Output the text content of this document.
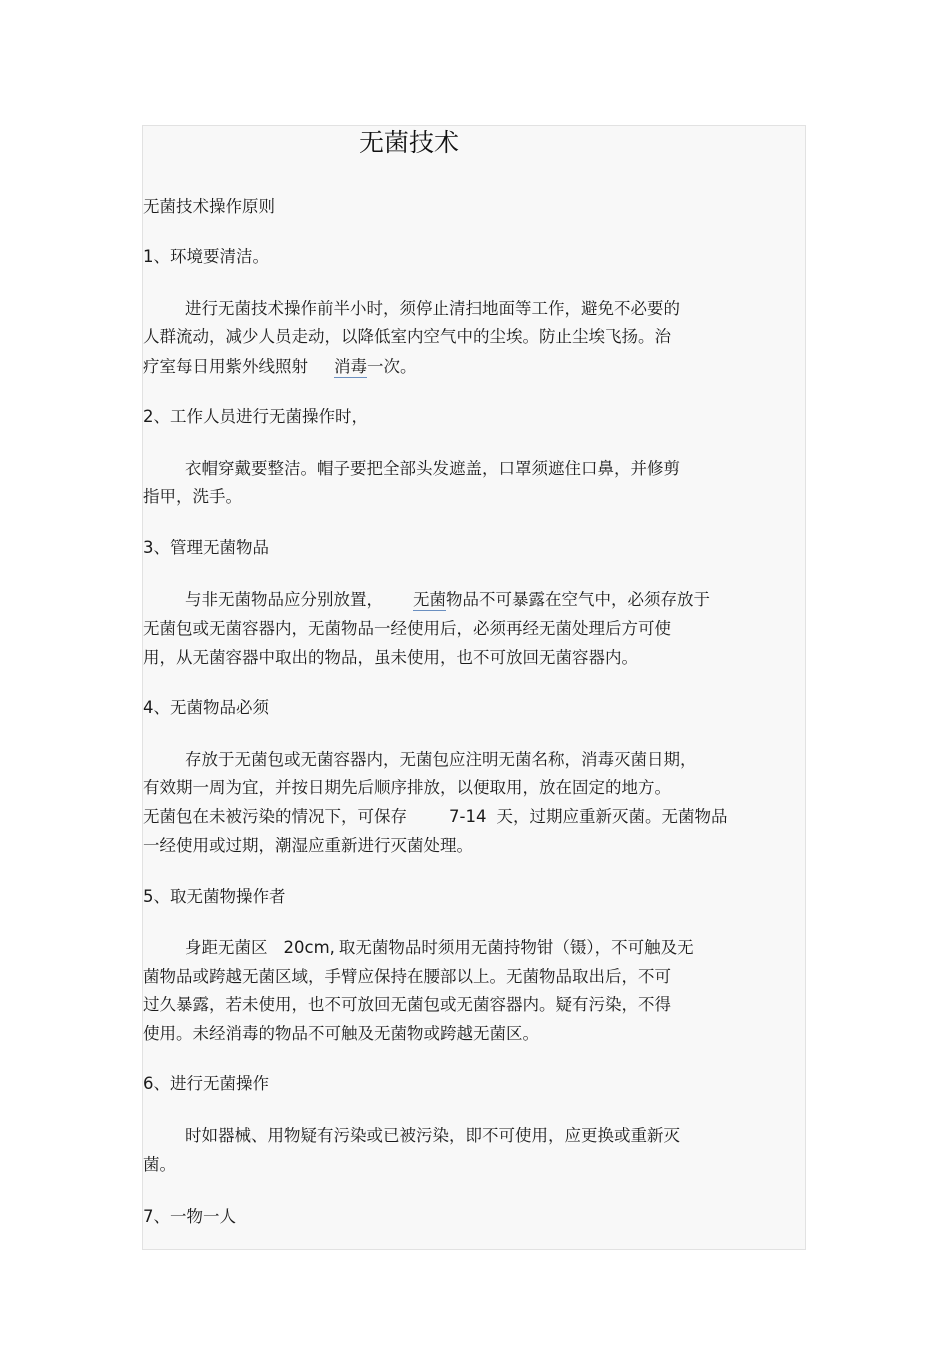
无菌技术
无菌技术操作原则
1、环境要清洁。
进行无菌技术操作前半小时，须停止清扫地面等工作，避免不必要的
人群流动，减少人员走动，以降低室内空气中的尘埃。防止尘埃飞扬。治
疗室每日用紫外线照射 消毒一次。
2、工作人员进行无菌操作时，
衣帽穿戴要整洁。帽子要把全部头发遮盖，口罩须遮住口鼻，并修剪
指甲，洗手。
3、管理无菌物品
与非无菌物品应分别放置， 无菌物品不可暴露在空气中，必须存放于
无菌包或无菌容器内，无菌物品一经使用后，必须再经无菌处理后方可使
用，从无菌容器中取出的物品，虽未使用，也不可放回无菌容器内。
4、无菌物品必须
存放于无菌包或无菌容器内，无菌包应注明无菌名称，消毒灭菌日期，
有效期一周为宜，并按日期先后顺序排放，以便取用，放在固定的地方。
无菌包在未被污染的情况下，可保存	7-14 天，过期应重新灭菌。无菌物品
一经使用或过期，潮湿应重新进行灭菌处理。
5、取无菌物操作者
身距无菌区 20cm, 取无菌物品时须用无菌持物钳（镊），不可触及无
菌物品或跨越无菌区域，手臂应保持在腰部以上。无菌物品取出后，不可
过久暴露，若未使用，也不可放回无菌包或无菌容器内。疑有污染，不得
使用。未经消毒的物品不可触及无菌物或跨越无菌区。
6、进行无菌操作
时如器械、用物疑有污染或已被污染，即不可使用，应更换或重新灭
菌。
7、一物一人
